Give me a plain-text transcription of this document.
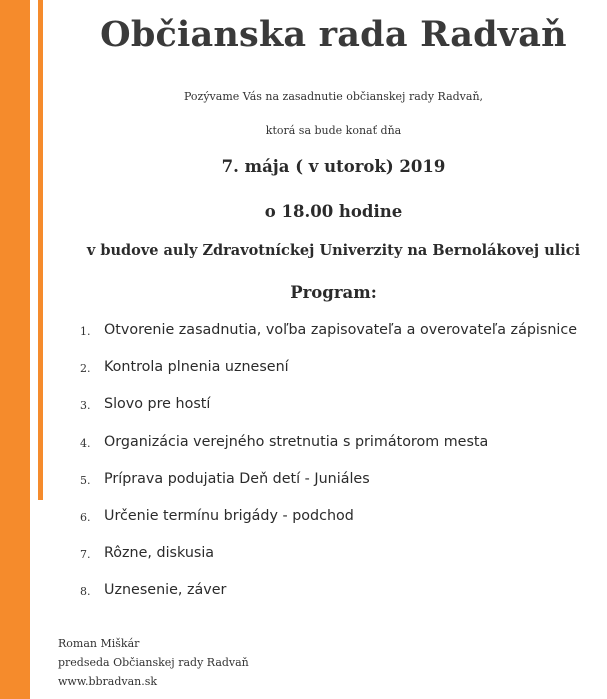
Občianska rada Radvaň
Pozývame Vás na zasadnutie občianskej rady Radvaň,
ktorá sa bude konať dňa
7. mája ( v utorok) 2019
o 18.00 hodine
v budove auly Zdravotníckej Univerzity na Bernolákovej ulici
Program:
1. Otvorenie zasadnutia, voľba zapisovateľa a overovateľa zápisnice
2. Kontrola plnenia uznesení
3. Slovo pre hostí
4. Organizácia verejného stretnutia s primátorom mesta
5. Príprava podujatia Deň detí - Juniáles
6. Určenie termínu brigády - podchod
7. Rôzne, diskusia
8. Uznesenie, záver
Roman Miškár
predseda Občianskej rady Radvaň
www.bbradvan.sk
